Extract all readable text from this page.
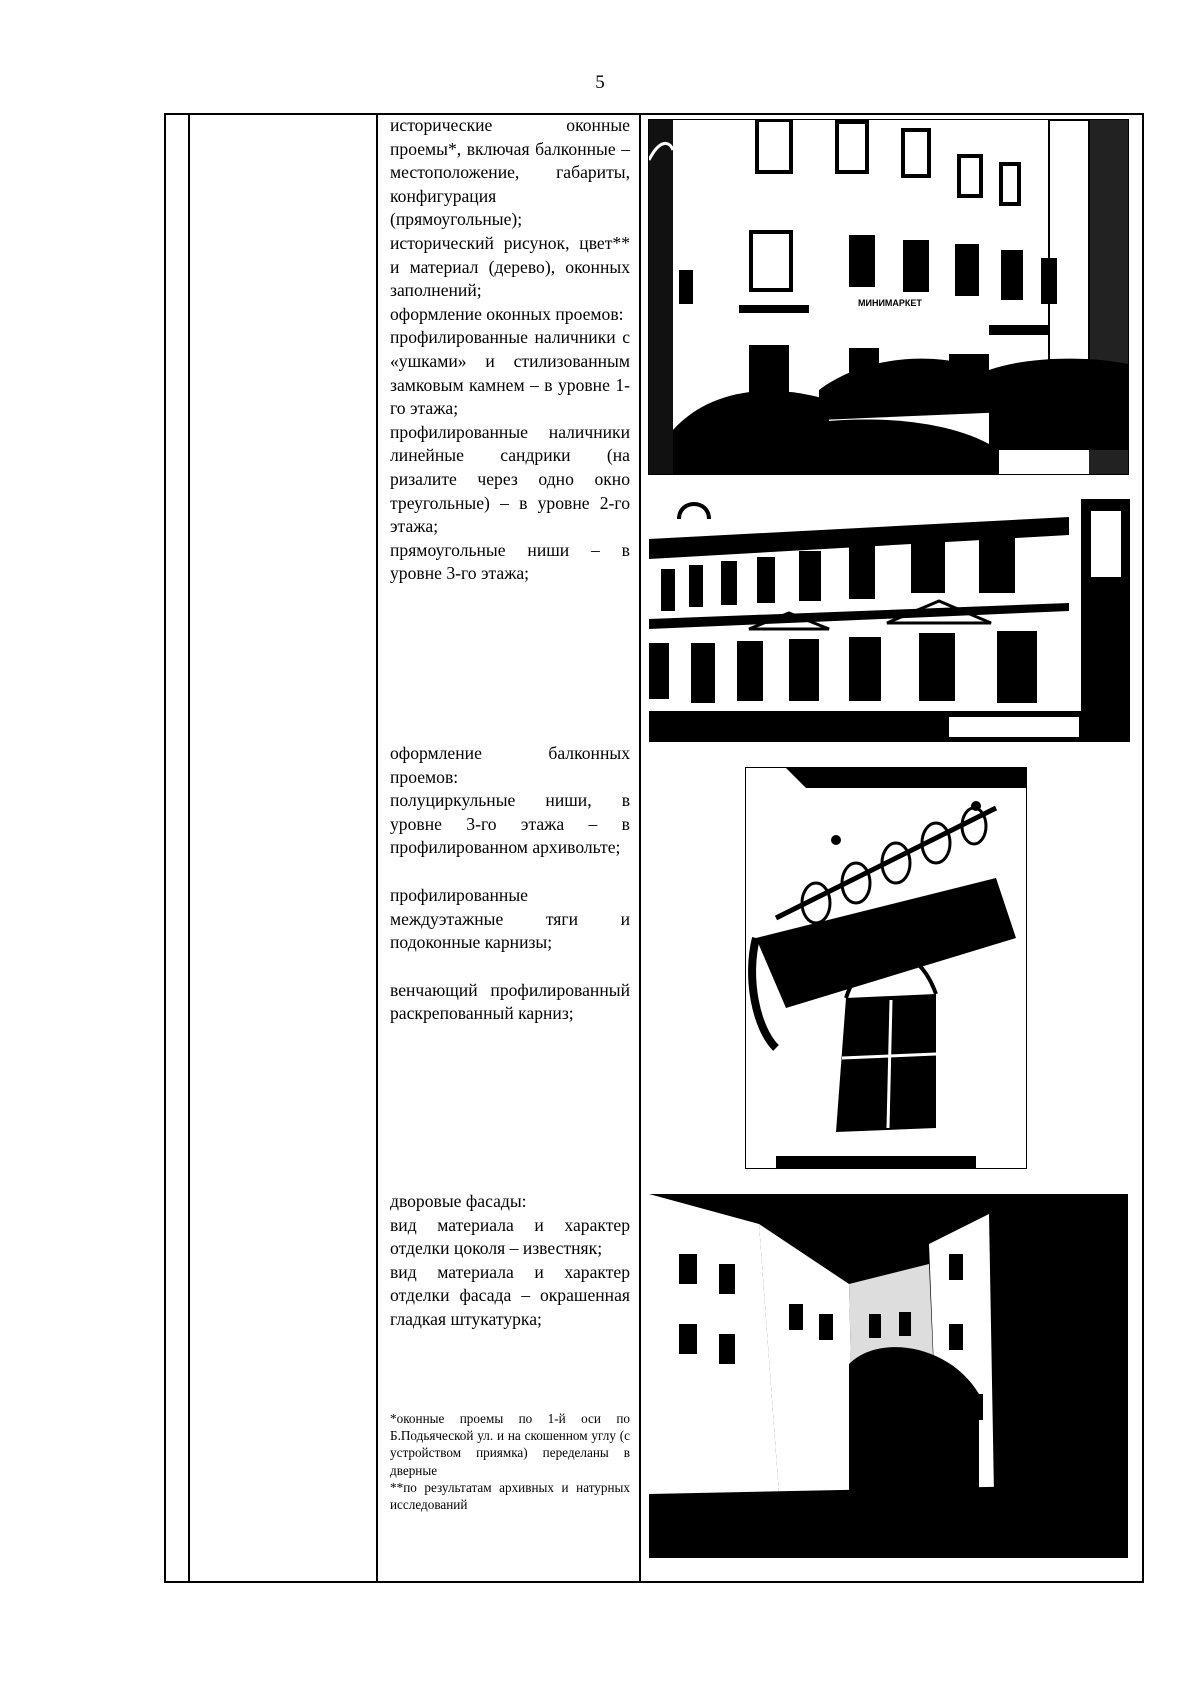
5

исторические оконные проемы*, включая балконные – местоположение, габариты, конфигурация (прямоугольные);

исторический рисунок, цвет** и материал (дерево), оконных заполнений;

оформление оконных проемов:

профилированные наличники с «ушками» и стилизованным замковым камнем – в уровне 1-го этажа;

профилированные наличники линейные сандрики (на ризалите через одно окно треугольные) – в уровне 2-го этажа;

прямоугольные ниши – в уровне 3-го этажа;

оформление балконных проемов:

полуциркульные ниши, в уровне 3-го этажа – в профилированном архивольте;

профилированные междуэтажные тяги и подоконные карнизы;

венчающий профилированный раскрепованный карниз;

дворовые фасады:

вид материала и характер отделки цоколя – известняк;

вид материала и характер отделки фасада – окрашенная гладкая штукатурка;

*оконные проемы по 1-й оси по Б.Подьяческой ул. и на скошенном углу (с устройством приямка) переделаны в дверные

**по результатам архивных и натурных исследований

МИНИМАРКЕТ
